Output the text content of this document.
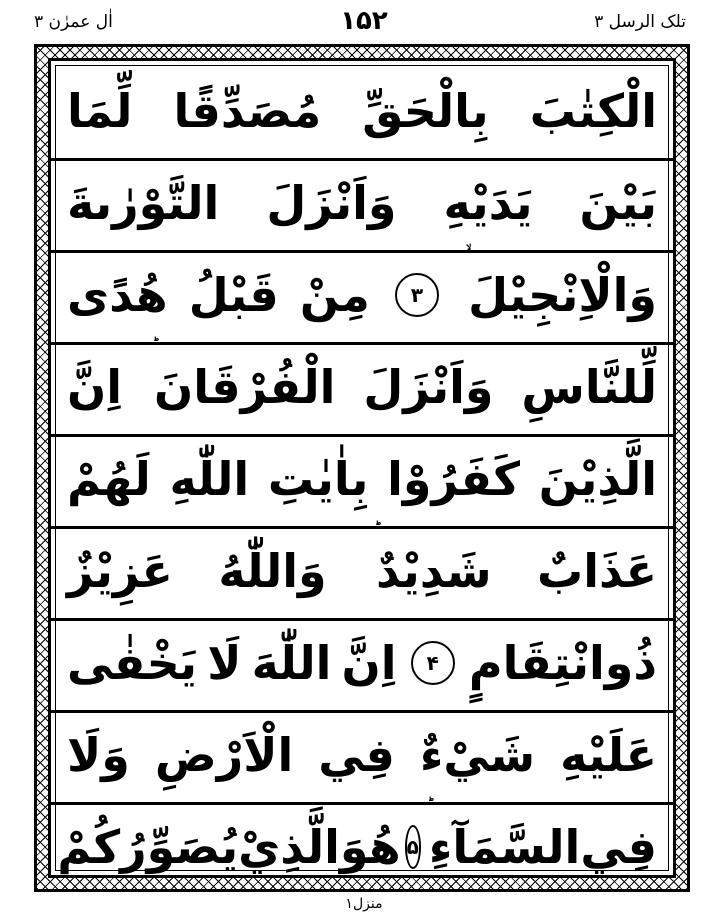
تلک الرسل ۳
۱۵۲
اٰل عمرٰن ۳
الْكِتٰبَ
بِالْحَقِّ
مُصَدِّقًا
لِّمَا
بَيْنَ
يَدَيْهِ
وَاَنْزَلَ
التَّوْرٰىةَ
وَالْاِنْجِيْلَ
۳
مِنْ
قَبْلُ
هُدًى
لِّلنَّاسِ
وَاَنْزَلَ
الْفُرْقَانَ
اِنَّ
الَّذِيْنَ
كَفَرُوْا
بِاٰيٰتِ
اللّٰهِ
لَهُمْ
عَذَابٌ
شَدِيْدٌ
وَاللّٰهُ
عَزِيْزٌ
ذُوانْتِقَامٍ
۴
اِنَّ
اللّٰهَ
لَا
يَخْفٰى
عَلَيْهِ
شَيْءٌ
فِي
الْاَرْضِ
وَلَا
فِي
السَّمَآءِ
۵
هُوَالَّذِيْ
يُصَوِّرُكُمْ
منزل۱
